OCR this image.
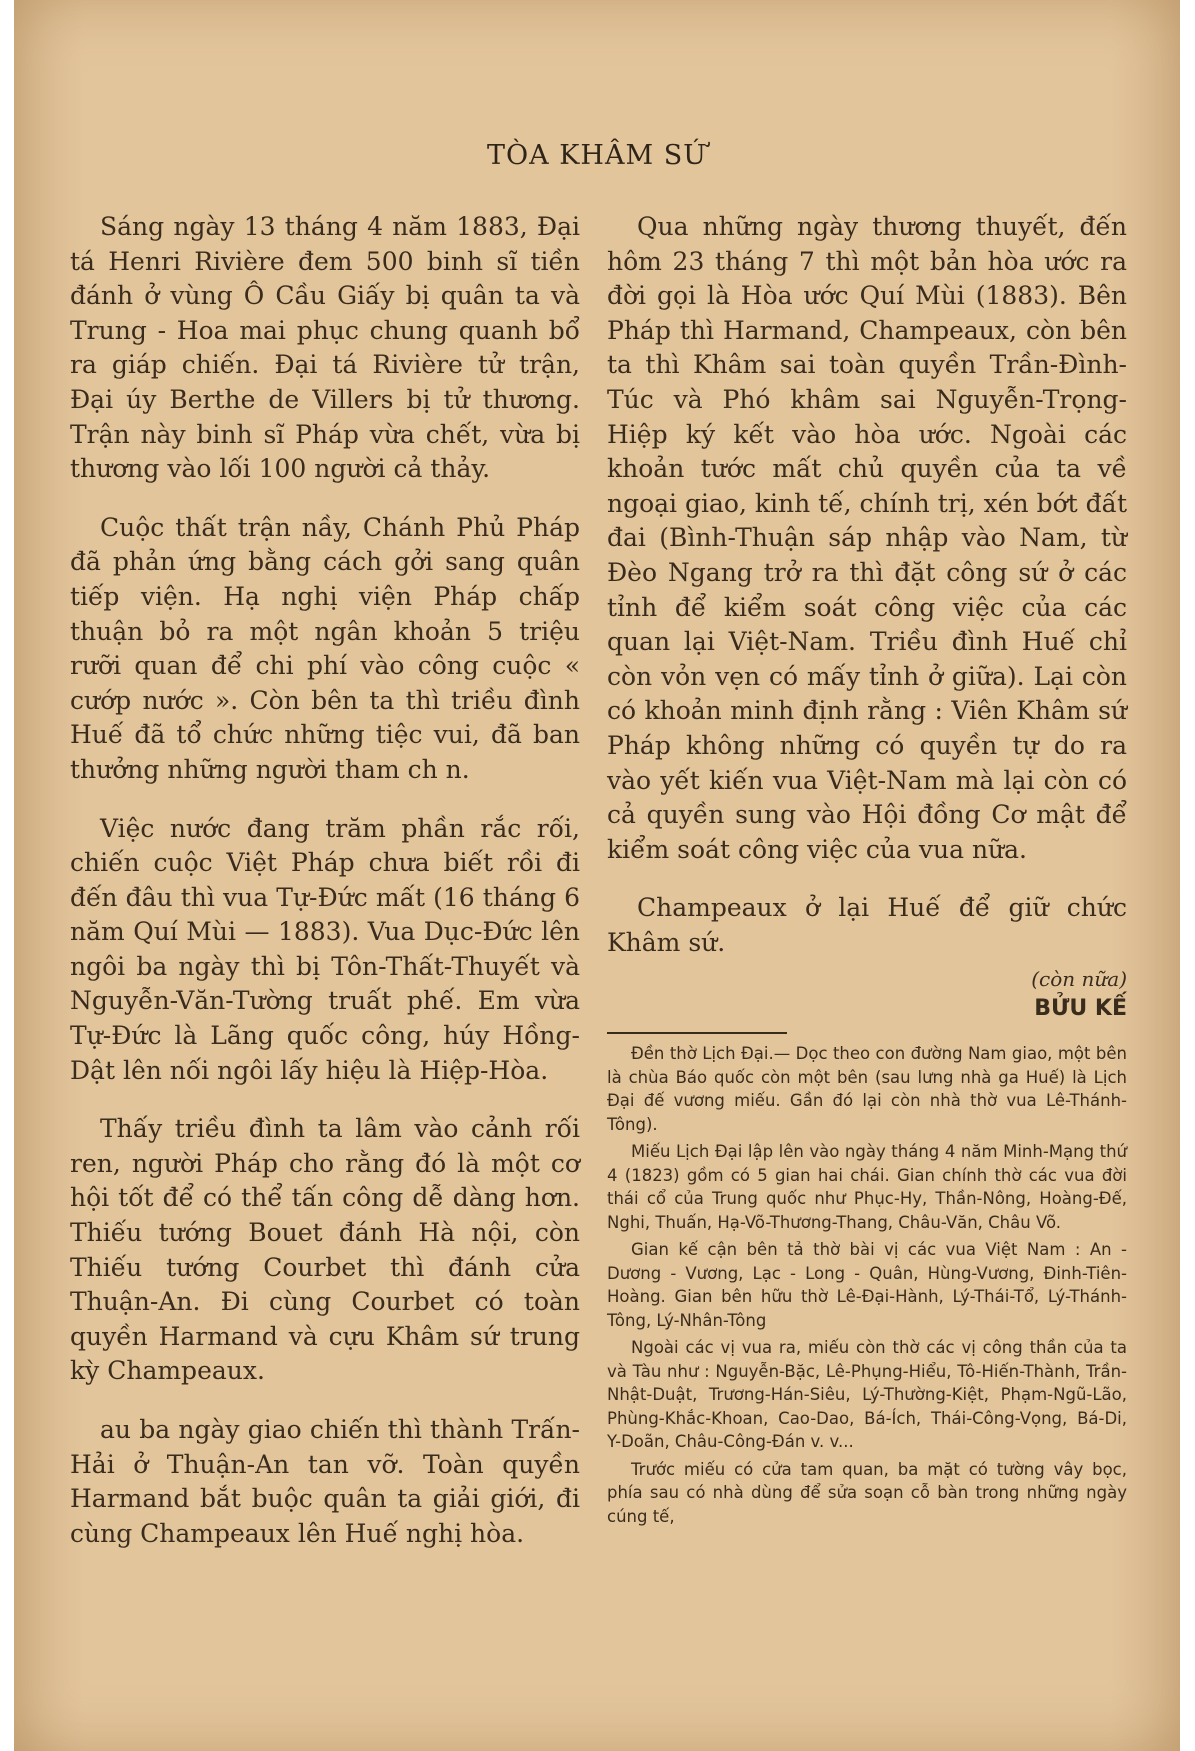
TÒA KHÂM SỨ

Sáng ngày 13 tháng 4 năm 1883, Đại tá Henri Rivière đem 500 binh sĩ tiền đánh ở vùng Ô Cầu Giấy bị quân ta và Trung - Hoa mai phục chung quanh bổ ra giáp chiến. Đại tá Rivière tử trận, Đại úy Berthe de Villers bị tử thương. Trận này binh sĩ Pháp vừa chết, vừa bị thương vào lối 100 người cả thảy.

Cuộc thất trận nầy, Chánh Phủ Pháp đã phản ứng bằng cách gởi sang quân tiếp viện. Hạ nghị viện Pháp chấp thuận bỏ ra một ngân khoản 5 triệu rưỡi quan để chi phí vào công cuộc « cướp nước ». Còn bên ta thì triều đình Huế đã tổ chức những tiệc vui, đã ban thưởng những người tham ch n.

Việc nước đang trăm phần rắc rối, chiến cuộc Việt Pháp chưa biết rồi đi đến đâu thì vua Tự-Đức mất (16 tháng 6 năm Quí Mùi — 1883). Vua Dục-Đức lên ngôi ba ngày thì bị Tôn-Thất-Thuyết và Nguyễn-Văn-Tường truất phế. Em vừa Tự-Đức là Lãng quốc công, húy Hồng-Dật lên nối ngôi lấy hiệu là Hiệp-Hòa.

Thấy triều đình ta lâm vào cảnh rối ren, người Pháp cho rằng đó là một cơ hội tốt để có thể tấn công dễ dàng hơn. Thiếu tướng Bouet đánh Hà nội, còn Thiếu tướng Courbet thì đánh cửa Thuận-An. Đi cùng Courbet có toàn quyền Harmand và cựu Khâm sứ trung kỳ Champeaux.

au ba ngày giao chiến thì thành Trấn-Hải ở Thuận-An tan vỡ. Toàn quyền Harmand bắt buộc quân ta giải giới, đi cùng Champeaux lên Huế nghị hòa.

Qua những ngày thương thuyết, đến hôm 23 tháng 7 thì một bản hòa ước ra đời gọi là Hòa ước Quí Mùi (1883). Bên Pháp thì Harmand, Champeaux, còn bên ta thì Khâm sai toàn quyền Trần-Đình-Túc và Phó khâm sai Nguyễn-Trọng-Hiệp ký kết vào hòa ước. Ngoài các khoản tước mất chủ quyền của ta về ngoại giao, kinh tế, chính trị, xén bớt đất đai (Bình-Thuận sáp nhập vào Nam, từ Đèo Ngang trở ra thì đặt công sứ ở các tỉnh để kiểm soát công việc của các quan lại Việt-Nam. Triều đình Huế chỉ còn vỏn vẹn có mấy tỉnh ở giữa). Lại còn có khoản minh định rằng : Viên Khâm sứ Pháp không những có quyền tự do ra vào yết kiến vua Việt-Nam mà lại còn có cả quyền sung vào Hội đồng Cơ mật để kiểm soát công việc của vua nữa.

Champeaux ở lại Huế để giữ chức Khâm sứ.

(còn nữa)
BỬU KẾ

Đền thờ Lịch Đại.— Dọc theo con đường Nam giao, một bên là chùa Báo quốc còn một bên (sau lưng nhà ga Huế) là Lịch Đại đế vương miếu. Gần đó lại còn nhà thờ vua Lê-Thánh-Tông).

Miếu Lịch Đại lập lên vào ngày tháng 4 năm Minh-Mạng thứ 4 (1823) gồm có 5 gian hai chái. Gian chính thờ các vua đời thái cổ của Trung quốc như Phục-Hy, Thần-Nông, Hoàng-Đế, Nghi, Thuấn, Hạ-Võ-Thương-Thang, Châu-Văn, Châu Võ.

Gian kế cận bên tả thờ bài vị các vua Việt Nam : An - Dương - Vương, Lạc - Long - Quân, Hùng-Vương, Đinh-Tiên-Hoàng. Gian bên hữu thờ Lê-Đại-Hành, Lý-Thái-Tổ, Lý-Thánh-Tông, Lý-Nhân-Tông

Ngoài các vị vua ra, miếu còn thờ các vị công thần của ta và Tàu như : Nguyễn-Bặc, Lê-Phụng-Hiểu, Tô-Hiến-Thành, Trần-Nhật-Duật, Trương-Hán-Siêu, Lý-Thường-Kiệt, Phạm-Ngũ-Lão, Phùng-Khắc-Khoan, Cao-Dao, Bá-Ích, Thái-Công-Vọng, Bá-Di, Y-Doãn, Châu-Công-Đán v. v...

Trước miếu có cửa tam quan, ba mặt có tường vây bọc, phía sau có nhà dùng để sửa soạn cỗ bàn trong những ngày cúng tế,
